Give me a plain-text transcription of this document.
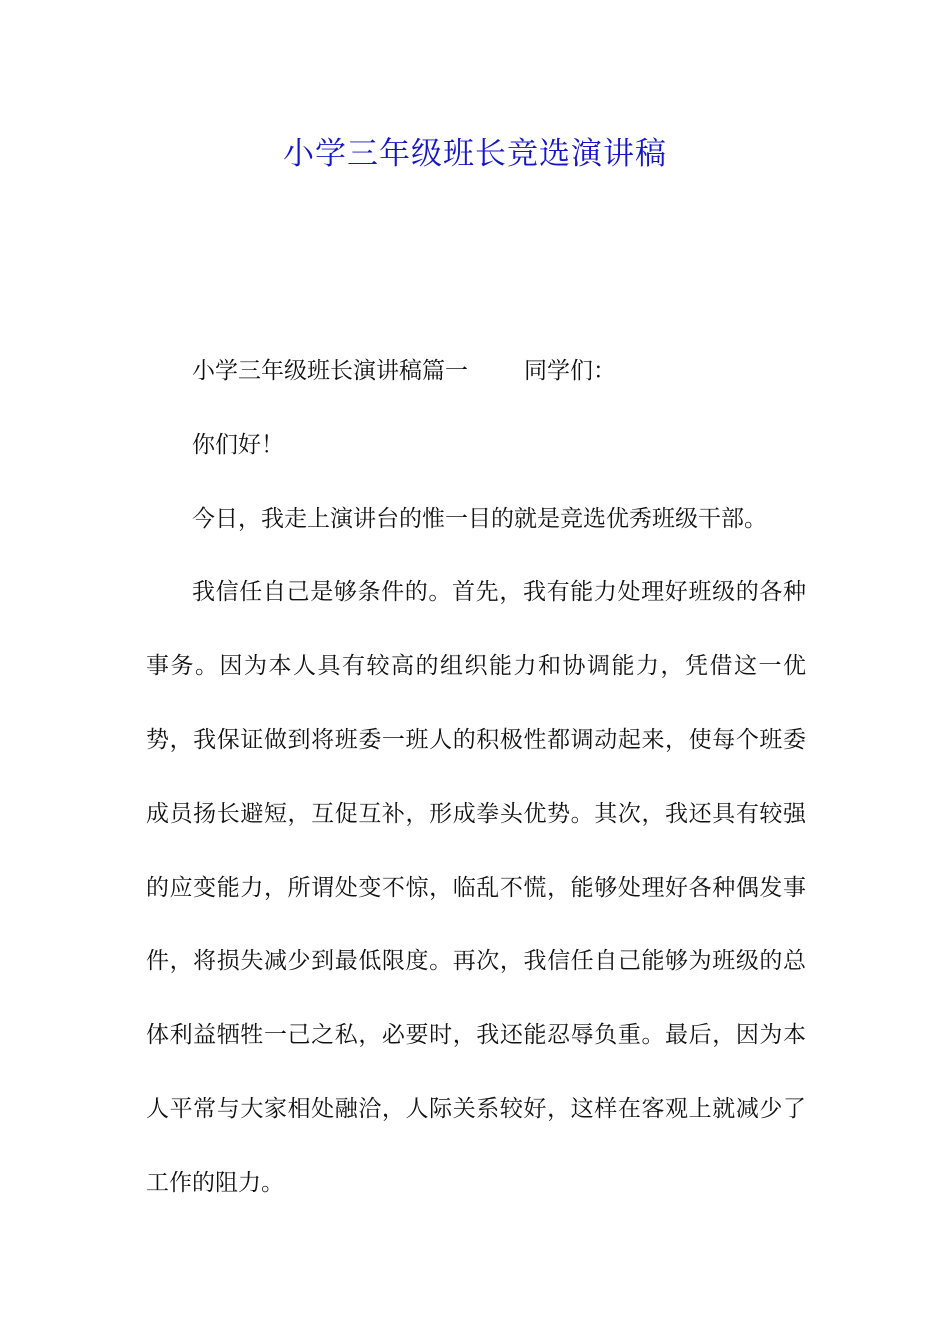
小学三年级班长竞选演讲稿

小学三年级班长演讲稿篇一 同学们：

你们好！

今日，我走上演讲台的惟一目的就是竞选优秀班级干部。

我信任自己是够条件的。首先，我有能力处理好班级的各种事务。因为本人具有较高的组织能力和协调能力，凭借这一优势，我保证做到将班委一班人的积极性都调动起来，使每个班委成员扬长避短，互促互补，形成拳头优势。其次，我还具有较强的应变能力，所谓处变不惊，临乱不慌，能够处理好各种偶发事件，将损失减少到最低限度。再次，我信任自己能够为班级的总体利益牺牲一己之私，必要时，我还能忍辱负重。最后，因为本人平常与大家相处融洽，人际关系较好，这样在客观上就减少了工作的阻力。
